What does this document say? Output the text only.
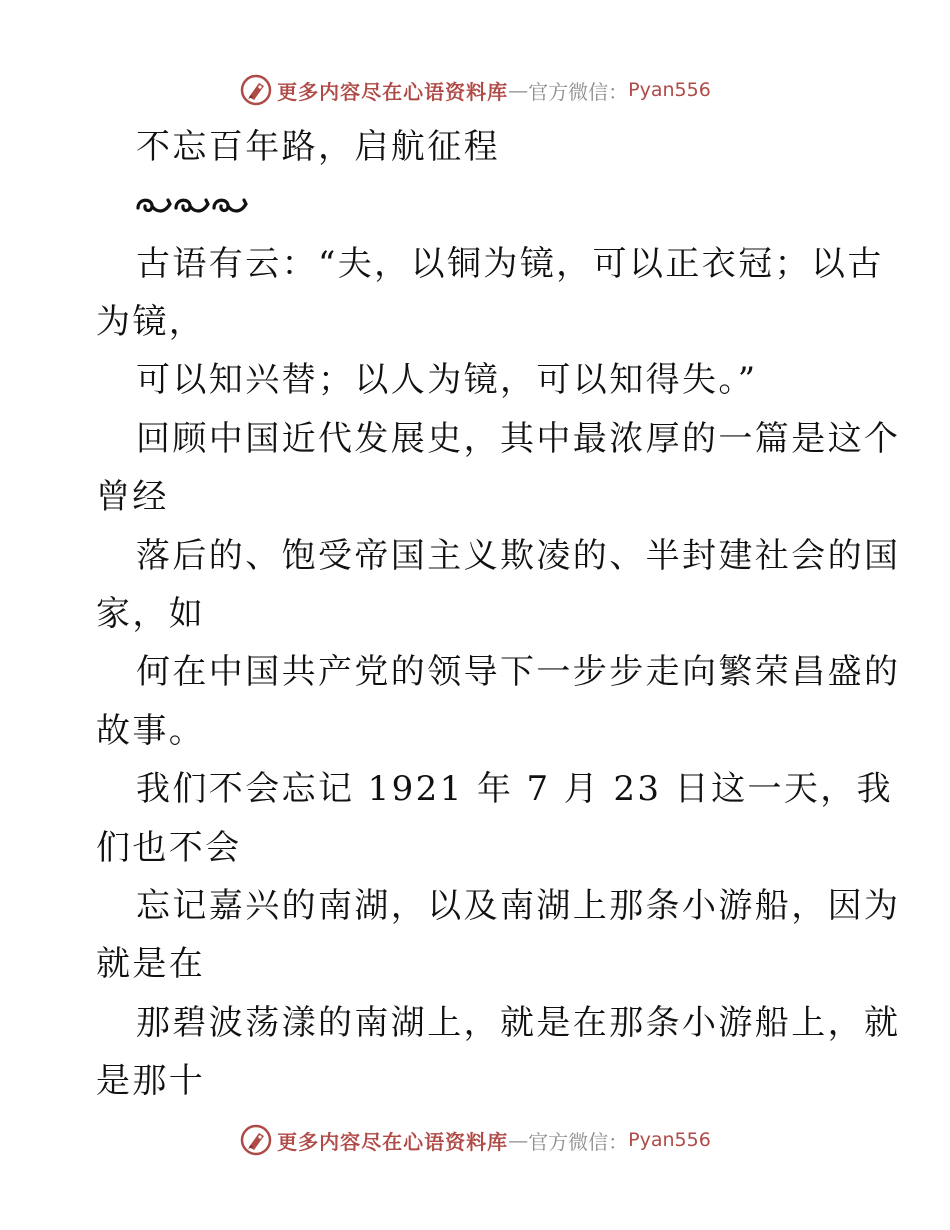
更多内容尽在心语资料库 — 官方微信： Pyan556
不忘百年路，启航征程
古语有云：“夫，以铜为镜，可以正衣冠；以古
为镜，
可以知兴替；以人为镜，可以知得失。”
回顾中国近代发展史，其中最浓厚的一篇是这个
曾经
落后的、饱受帝国主义欺凌的、半封建社会的国
家，如
何在中国共产党的领导下一步步走向繁荣昌盛的
故事。
我们不会忘记 1921 年 7 月 23 日这一天，我
们也不会
忘记嘉兴的南湖，以及南湖上那条小游船，因为
就是在
那碧波荡漾的南湖上，就是在那条小游船上，就
是那十
更多内容尽在心语资料库 — 官方微信： Pyan556
